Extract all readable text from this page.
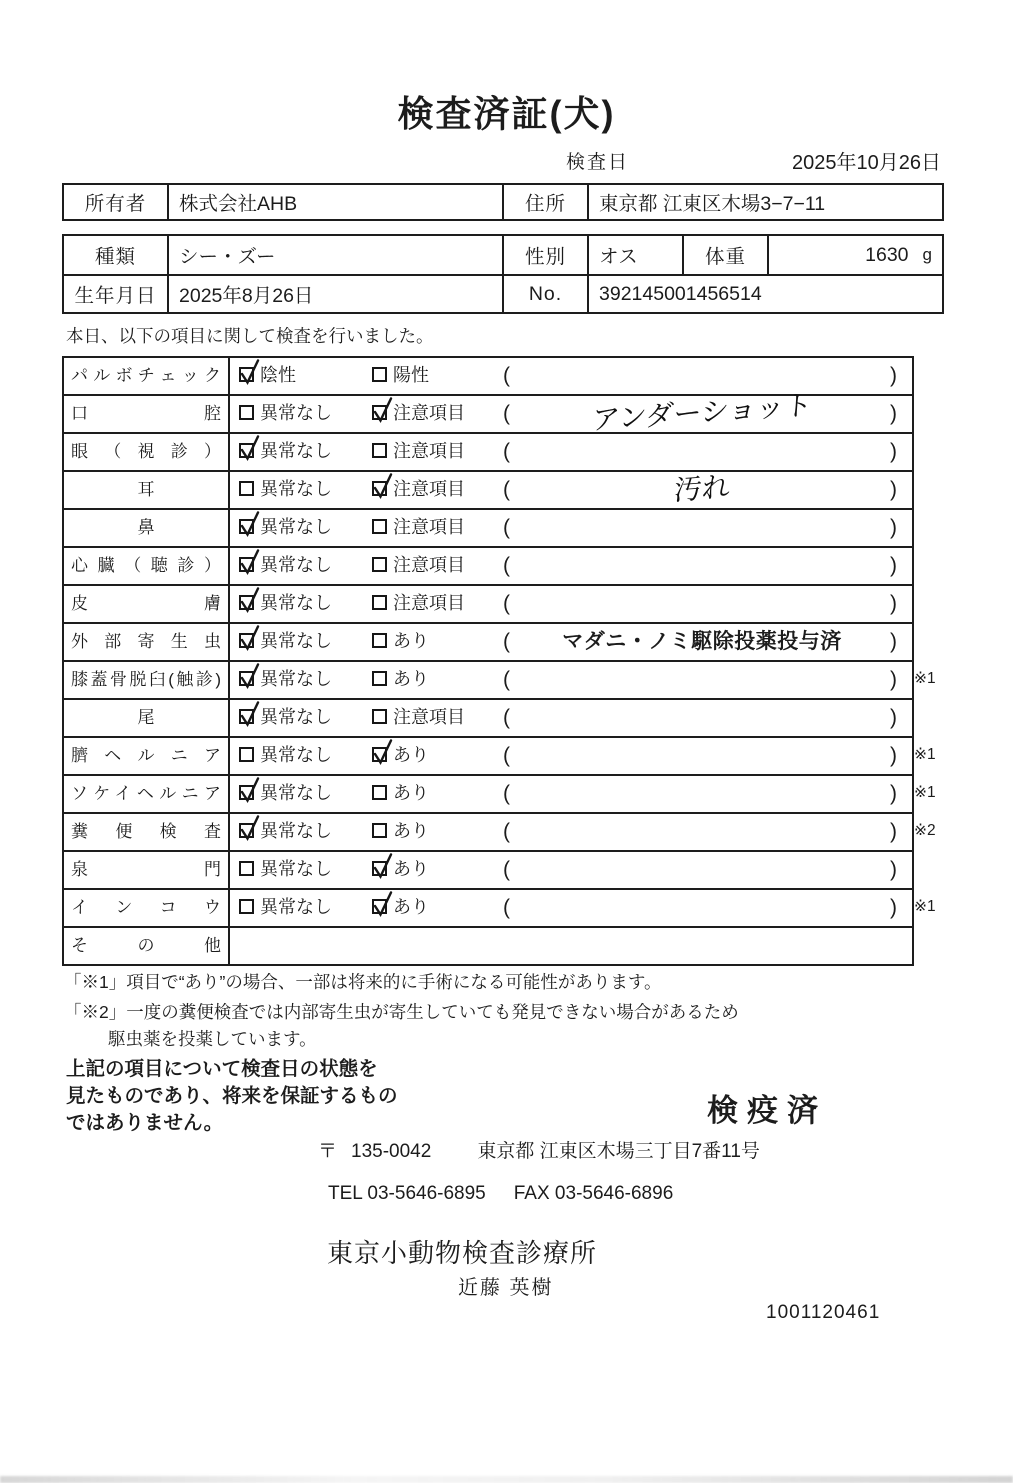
検査済証(犬)
検査日	2025年10月26日
所有者	株式会社AHB	住所	東京都 江東区木場3−7−11
種類	シー・ズー	性別	オス	体重	1630 g
生年月日	2025年8月26日	No.	392145001456514
本日、以下の項目に関して検査を行いました。
パルボチェック	陰性	陽性	(	)
口腔	異常なし	注意項目 (	アンダーショット	)
眼（視診）	異常なし	注意項目 (	)
耳	異常なし	注意項目 (	汚れ	)
鼻	異常なし	注意項目 (	)
心臓（聴診）	異常なし	注意項目 (	)
皮膚	異常なし	注意項目 (	)
外部寄生虫	異常なし	あり	(	マダニ・ノミ駆除投薬投与済	)
膝蓋骨脱臼(触診)	異常なし	あり	(	) ※1
尾	異常なし	注意項目 (	)
臍ヘルニア	異常なし	あり	(	) ※1
ソケイヘルニア	異常なし	あり	(	) ※1
糞便検査	異常なし	あり	(	) ※2
泉門	異常なし	あり	(	)
インコウ	異常なし	あり	(	) ※1
その他
「※1」項目で“あり”の場合、一部は将来的に手術になる可能性があります。
「※2」一度の糞便検査では内部寄生虫が寄生していても発見できない場合があるため
駆虫薬を投薬しています。
上記の項目について検査日の状態を
見たものであり、将来を保証するもの
ではありません。	検疫済
〒 135-0042 東京都 江東区木場三丁目7番11号
TEL 03-5646-6895 FAX 03-5646-6896
東京小動物検査診療所
近藤 英樹
1001120461
